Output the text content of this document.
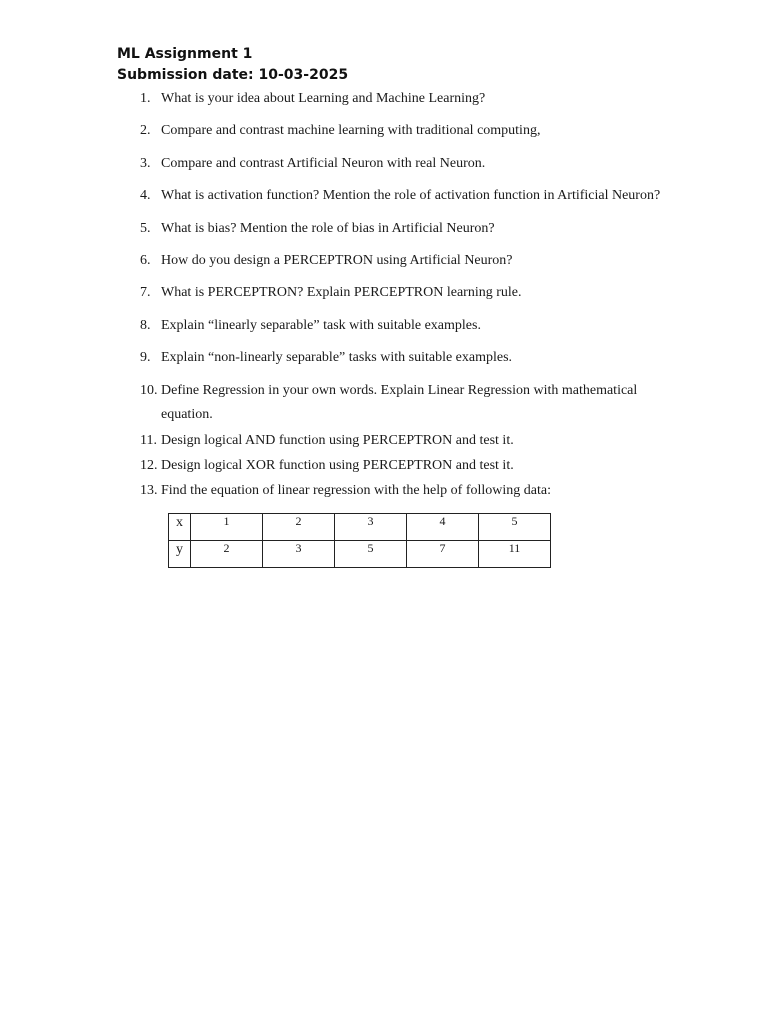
ML Assignment 1
Submission date: 10-03-2025
1. What is your idea about Learning and Machine Learning?
2. Compare and contrast machine learning with traditional computing,
3. Compare and contrast Artificial Neuron with real Neuron.
4. What is activation function? Mention the role of activation function in Artificial Neuron?
5. What is bias? Mention the role of bias in Artificial Neuron?
6. How do you design a PERCEPTRON using Artificial Neuron?
7. What is PERCEPTRON? Explain PERCEPTRON learning rule.
8. Explain “linearly separable” task with suitable examples.
9. Explain “non-linearly separable” tasks with suitable examples.
10. Define Regression in your own words. Explain Linear Regression with mathematical
equation.
11. Design logical AND function using PERCEPTRON and test it.
12. Design logical XOR function using PERCEPTRON and test it.
13. Find the equation of linear regression with the help of following data:
x	1	2	3	4	5
y	2	3	5	7	11
